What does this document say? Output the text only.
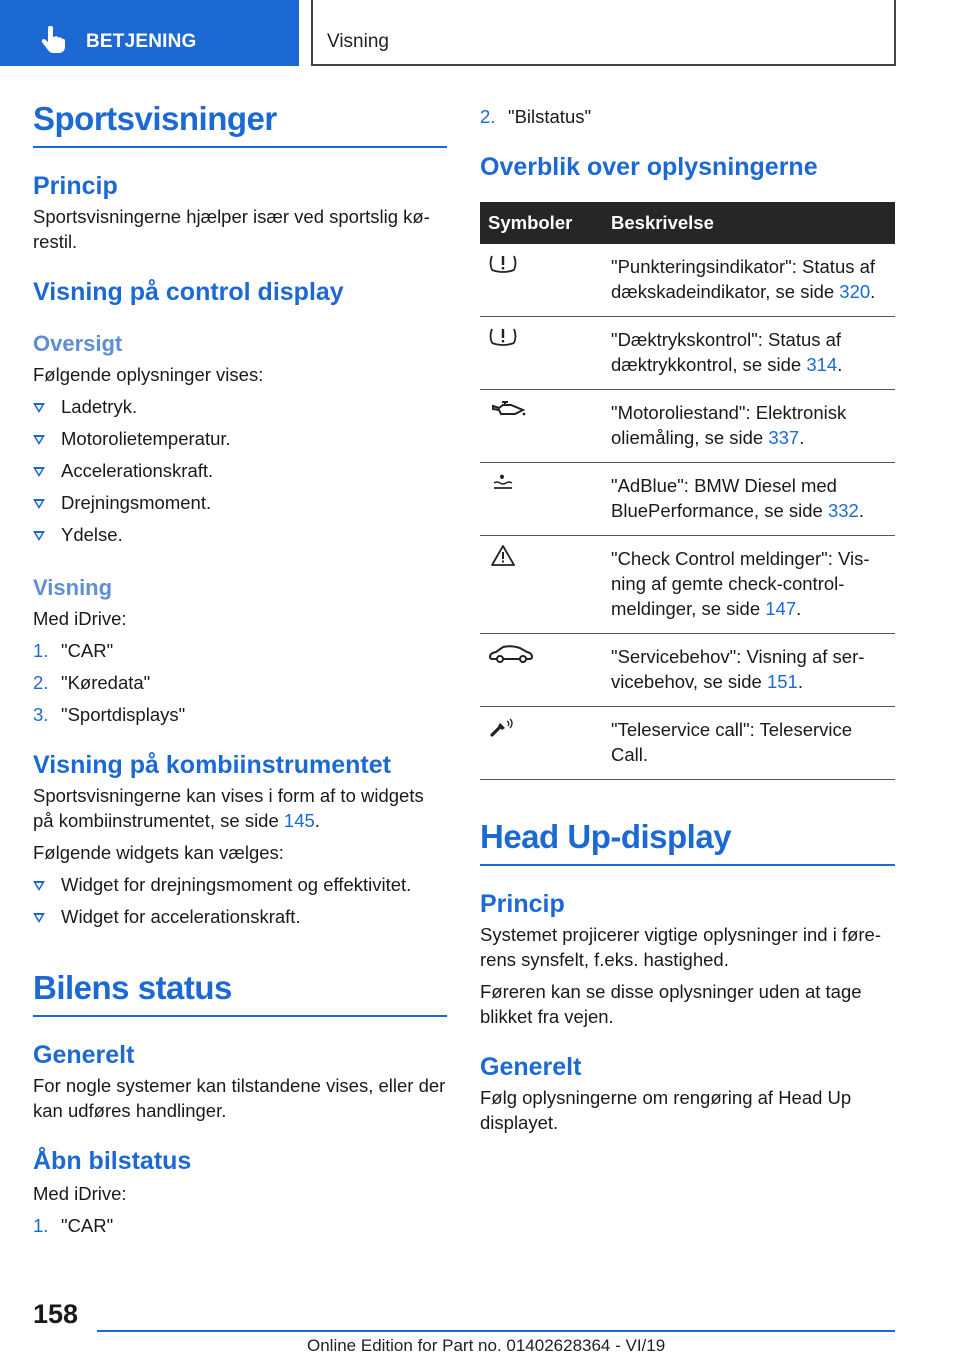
BETJENING	Visning
Sportsvisninger
Princip
Sportsvisningerne hjælper især ved sportslig kø-restil.
Visning på control display
Oversigt
Følgende oplysninger vises:
Ladetryk.
Motorolietemperatur.
Accelerationskraft.
Drejningsmoment.
Ydelse.
Visning
Med iDrive:
1. "CAR"
2. "Køredata"
3. "Sportdisplays"
Visning på kombiinstrumentet
Sportsvisningerne kan vises i form af to widgets på kombiinstrumentet, se side 145.
Følgende widgets kan vælges:
Widget for drejningsmoment og effektivitet.
Widget for accelerationskraft.
Bilens status
Generelt
For nogle systemer kan tilstandene vises, eller der kan udføres handlinger.
Åbn bilstatus
Med iDrive:
1. "CAR"
2. "Bilstatus"
Overblik over oplysningerne
Symboler	Beskrivelse
	"Punkteringsindikator": Status af dækskadeindikator, se side 320.
	"Dæktrykskontrol": Status af dæktrykkontrol, se side 314.
	"Motoroliestand": Elektronisk oliemåling, se side 337.
	"AdBlue": BMW Diesel med BluePerformance, se side 332.
	"Check Control meldinger": Vis-ning af gemte check-control-meldinger, se side 147.
	"Servicebehov": Visning af ser-vicebehov, se side 151.
	"Teleservice call": Teleservice Call.
Head Up-display
Princip
Systemet projicerer vigtige oplysninger ind i føre-rens synsfelt, f.eks. hastighed.
Føreren kan se disse oplysninger uden at tage blikket fra vejen.
Generelt
Følg oplysningerne om rengøring af Head Up displayet.
158
Online Edition for Part no. 01402628364 - VI/19
